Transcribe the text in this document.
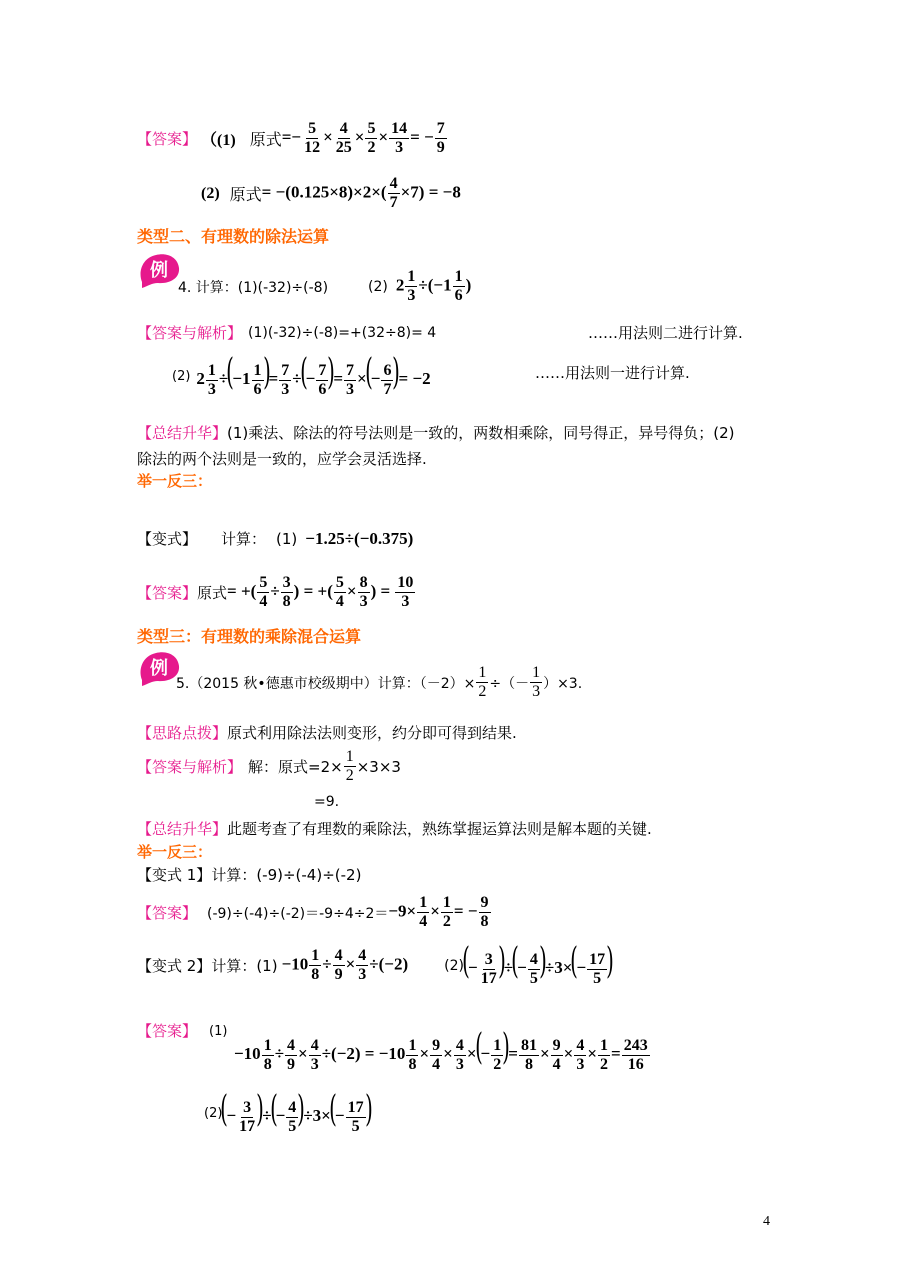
【答案】 （(1) 原式 =− $\frac{5}{12} \times \frac{4}{25} \times \frac{5}{2} \times \frac{14}{3}$ = − $\frac{7}{9}$
(2) 原式 = $-(0.125\times 8)\times 2\times( \frac{4}{7} \times 7) = -8$
类型二、有理数的除法运算
例
4. 计算：(1)(-32)÷(-8)	(2) $2 \frac{1}{3} \div(-1 \frac{1}{6}$ )
【答案与解析】 (1)(-32)÷(-8)=+(32÷8)= 4	……用法则二进行计算.
(2) $2 \frac{1}{3} \div(-1 \frac{1}{6}$ )= $\frac{7}{3}$ ÷(− $\frac{7}{6}$ )= $\frac{7}{3}$ ×(− $\frac{6}{7}$ )= −2	……用法则一进行计算.
【总结升华】 (1)乘法、除法的符号法则是一致的，两数相乘除，同号得正，异号得负；(2)
除法的两个法则是一致的，应学会灵活选择.
举一反三：
【变式】 计算： (1) −1.25÷(−0.375)
【答案】 原式 = +( $\frac{5}{4} \div \frac{3}{8}$ ) = +( $\frac{5}{4} \times \frac{8}{3}$ ) = $\frac{10}{3}$
类型三：有理数的乘除混合运算
例
5.（2015 秋•德惠市校级期中）计算：$(-2)\times \frac{1}{2}$ ÷（－
1
3 ）×3.
【思路点拨】 原式利用除法法则变形，约分即可得到结果.
【答案与解析】 解：原式$=2\times \frac{1}{2} \times 3\times 3$
=9.
【总结升华】 此题考查了有理数的乘除法，熟练掌握运算法则是解本题的关键.
举一反三：
【变式 1】 计算：(-9)÷(-4)÷(-2)
【答案】 $(-9)\div(-4)\div(-2)=-9\div 4\div 2= -9\times \frac{1}{4} \times \frac{1}{2}$ = − $\frac{9}{8}$
【变式 2】 计算：$(1) -10 \frac{1}{8} \div \frac{4}{9} \times \frac{4}{3} \div(-2)$	(2)
(− $\frac{3}{17}$ )÷(− $\frac{4}{5} )\div 3\times(- \frac{17}{5}$ )
【答案】 (1)
$-10 \frac{1}{8} \div \frac{4}{9} \times \frac{4}{3} \div(-2) = -10 \frac{1}{8} \times \frac{9}{4} \times \frac{4}{3}$ ×(− $\frac{1}{2}$ )= $\frac{81}{8} \times \frac{9}{4} \times \frac{4}{3} \times \frac{1}{2} = \frac{243}{16}$
(2)
(− $\frac{3}{17}$ )÷(− $\frac{4}{5} )\div 3\times(- \frac{17}{5}$ )
4
